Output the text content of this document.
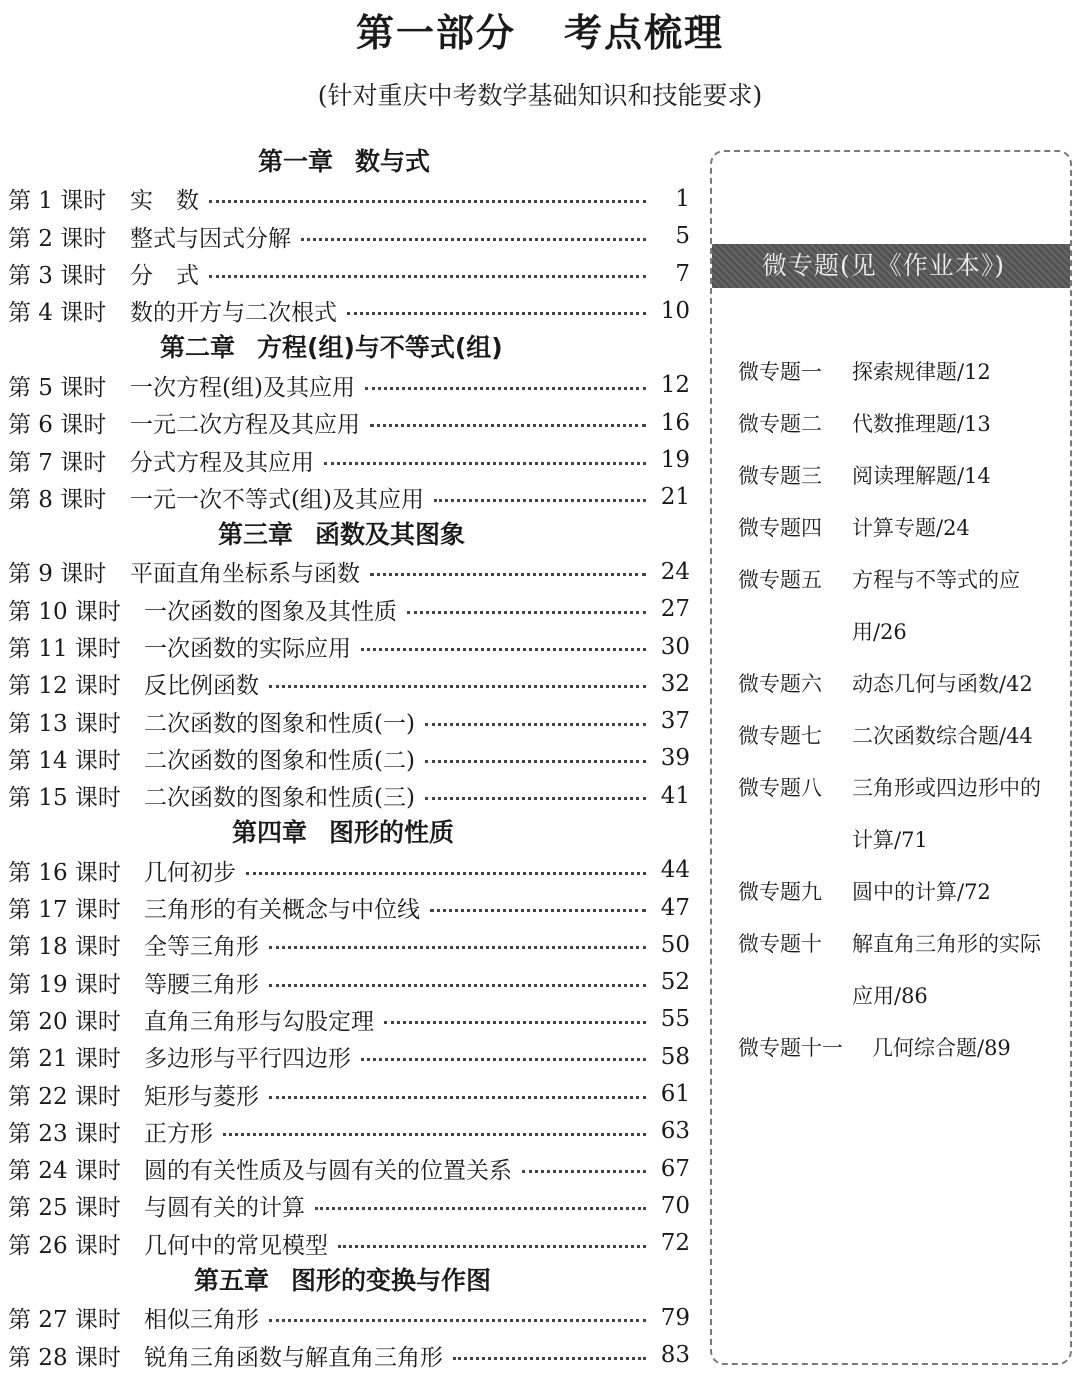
第一部分 考点梳理
(针对重庆中考数学基础知识和技能要求)
第一章 数与式
第 1 课时	实　数	1
第 2 课时	整式与因式分解	5
第 3 课时	分　式	7
第 4 课时	数的开方与二次根式	10
第二章 方程(组)与不等式(组)
第 5 课时	一次方程(组)及其应用	12
第 6 课时	一元二次方程及其应用	16
第 7 课时	分式方程及其应用	19
第 8 课时	一元一次不等式(组)及其应用	21
第三章 函数及其图象
第 9 课时	平面直角坐标系与函数	24
第 10 课时	一次函数的图象及其性质	27
第 11 课时	一次函数的实际应用	30
第 12 课时	反比例函数	32
第 13 课时	二次函数的图象和性质(一)	37
第 14 课时	二次函数的图象和性质(二)	39
第 15 课时	二次函数的图象和性质(三)	41
第四章 图形的性质
第 16 课时	几何初步	44
第 17 课时	三角形的有关概念与中位线	47
第 18 课时	全等三角形	50
第 19 课时	等腰三角形	52
第 20 课时	直角三角形与勾股定理	55
第 21 课时	多边形与平行四边形	58
第 22 课时	矩形与菱形	61
第 23 课时	正方形	63
第 24 课时	圆的有关性质及与圆有关的位置关系	67
第 25 课时	与圆有关的计算	70
第 26 课时	几何中的常见模型	72
第五章 图形的变换与作图
第 27 课时	相似三角形	79
第 28 课时	锐角三角函数与解直角三角形	83
微专题(见《作业本》)
微专题一	探索规律题/12
微专题二	代数推理题/13
微专题三	阅读理解题/14
微专题四	计算专题/24
微专题五	方程与不等式的应用/26
微专题六	动态几何与函数/42
微专题七	二次函数综合题/44
微专题八	三角形或四边形中的计算/71
微专题九	圆中的计算/72
微专题十	解直角三角形的实际应用/86
微专题十一	几何综合题/89
